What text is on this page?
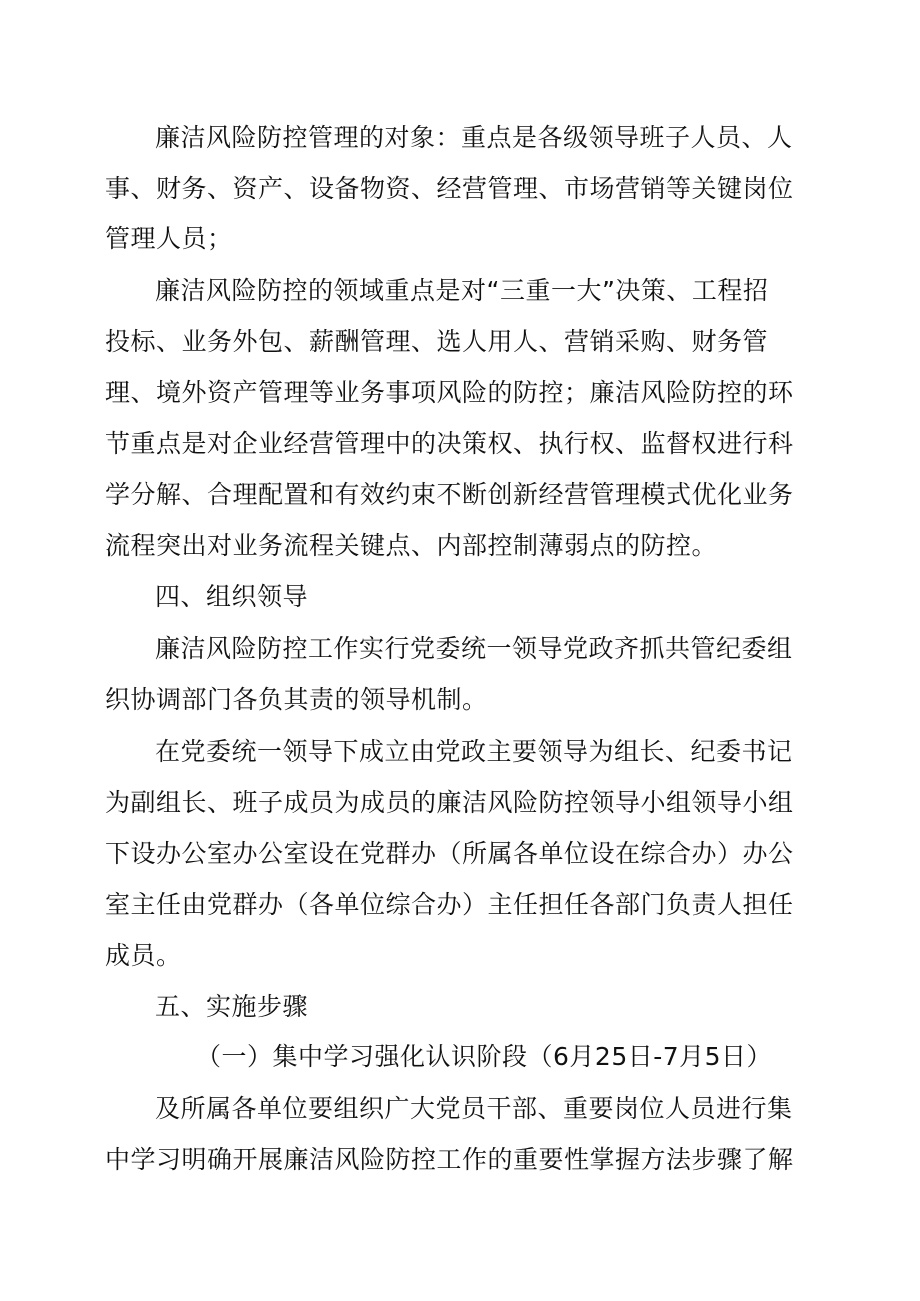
廉洁风险防控管理的对象：重点是各级领导班子人员、人
事、财务、资产、设备物资、经营管理、市场营销等关键岗位
管理人员；
廉洁风险防控的领域重点是对“三重一大”决策、工程招
投标、业务外包、薪酬管理、选人用人、营销采购、财务管
理、境外资产管理等业务事项风险的防控；廉洁风险防控的环
节重点是对企业经营管理中的决策权、执行权、监督权进行科
学分解、合理配置和有效约束不断创新经营管理模式优化业务
流程突出对业务流程关键点、内部控制薄弱点的防控。
四、组织领导
廉洁风险防控工作实行党委统一领导党政齐抓共管纪委组
织协调部门各负其责的领导机制。
在党委统一领导下成立由党政主要领导为组长、纪委书记
为副组长、班子成员为成员的廉洁风险防控领导小组领导小组
下设办公室办公室设在党群办（所属各单位设在综合办）办公
室主任由党群办（各单位综合办）主任担任各部门负责人担任
成员。
五、实施步骤
（一）集中学习强化认识阶段（6月25日-7月5日）
及所属各单位要组织广大党员干部、重要岗位人员进行集
中学习明确开展廉洁风险防控工作的重要性掌握方法步骤了解
